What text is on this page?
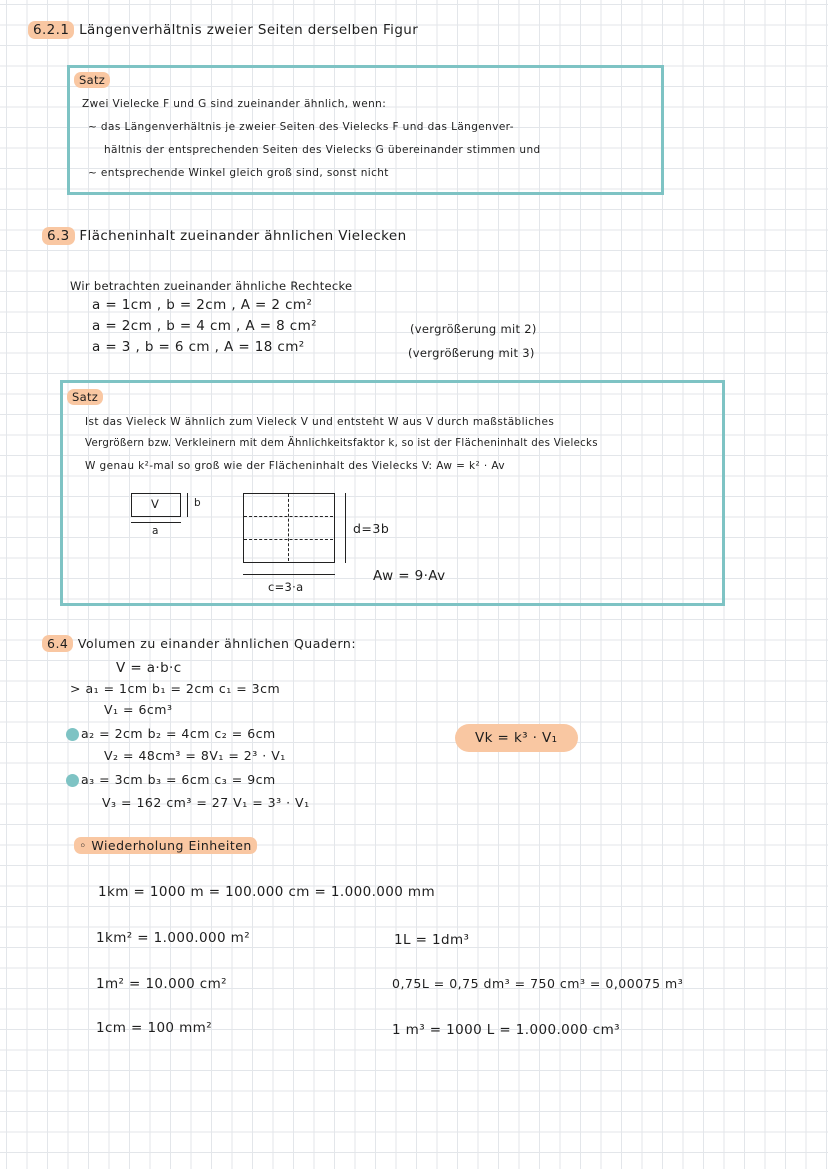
6.2.1 Längenverhältnis zweier Seiten derselben Figur
Satz
Zwei Vielecke F und G sind zueinander ähnlich, wenn:
~ das Längenverhältnis je zweier Seiten des Vielecks F und das Längenver-
hältnis der entsprechenden Seiten des Vielecks G übereinander stimmen und
~ entsprechende Winkel gleich groß sind, sonst nicht
6.3 Flächeninhalt zueinander ähnlichen Vielecken
Wir betrachten zueinander ähnliche Rechtecke
a = 1cm , b = 2cm , A = 2 cm²
a = 2cm , b = 4 cm , A = 8 cm²
a = 3 , b = 6 cm , A = 18 cm²
(vergrößerung mit 2)
(vergrößerung mit 3)
Satz
Ist das Vieleck W ähnlich zum Vieleck V und entsteht W aus V durch maßstäbliches
Vergrößern bzw. Verkleinern mit dem Ähnlichkeitsfaktor k, so ist der Flächeninhalt des Vielecks
W genau k²-mal so groß wie der Flächeninhalt des Vielecks V: Aw = k² · Av
V
a
b
d=3b
c=3·a
Aw = 9·Av
6.4 Volumen zu einander ähnlichen Quadern:
V = a·b·c
> a₁ = 1cm b₁ = 2cm c₁ = 3cm
V₁ = 6cm³
a₂ = 2cm b₂ = 4cm c₂ = 6cm
V₂ = 48cm³ = 8V₁ = 2³ · V₁
a₃ = 3cm b₃ = 6cm c₃ = 9cm
V₃ = 162 cm³ = 27 V₁ = 3³ · V₁
Vk = k³ · V₁
◦ Wiederholung Einheiten
1km = 1000 m = 100.000 cm = 1.000.000 mm
1km² = 1.000.000 m²
1m² = 10.000 cm²
1cm = 100 mm²
1L = 1dm³
0,75L = 0,75 dm³ = 750 cm³ = 0,00075 m³
1 m³ = 1000 L = 1.000.000 cm³
